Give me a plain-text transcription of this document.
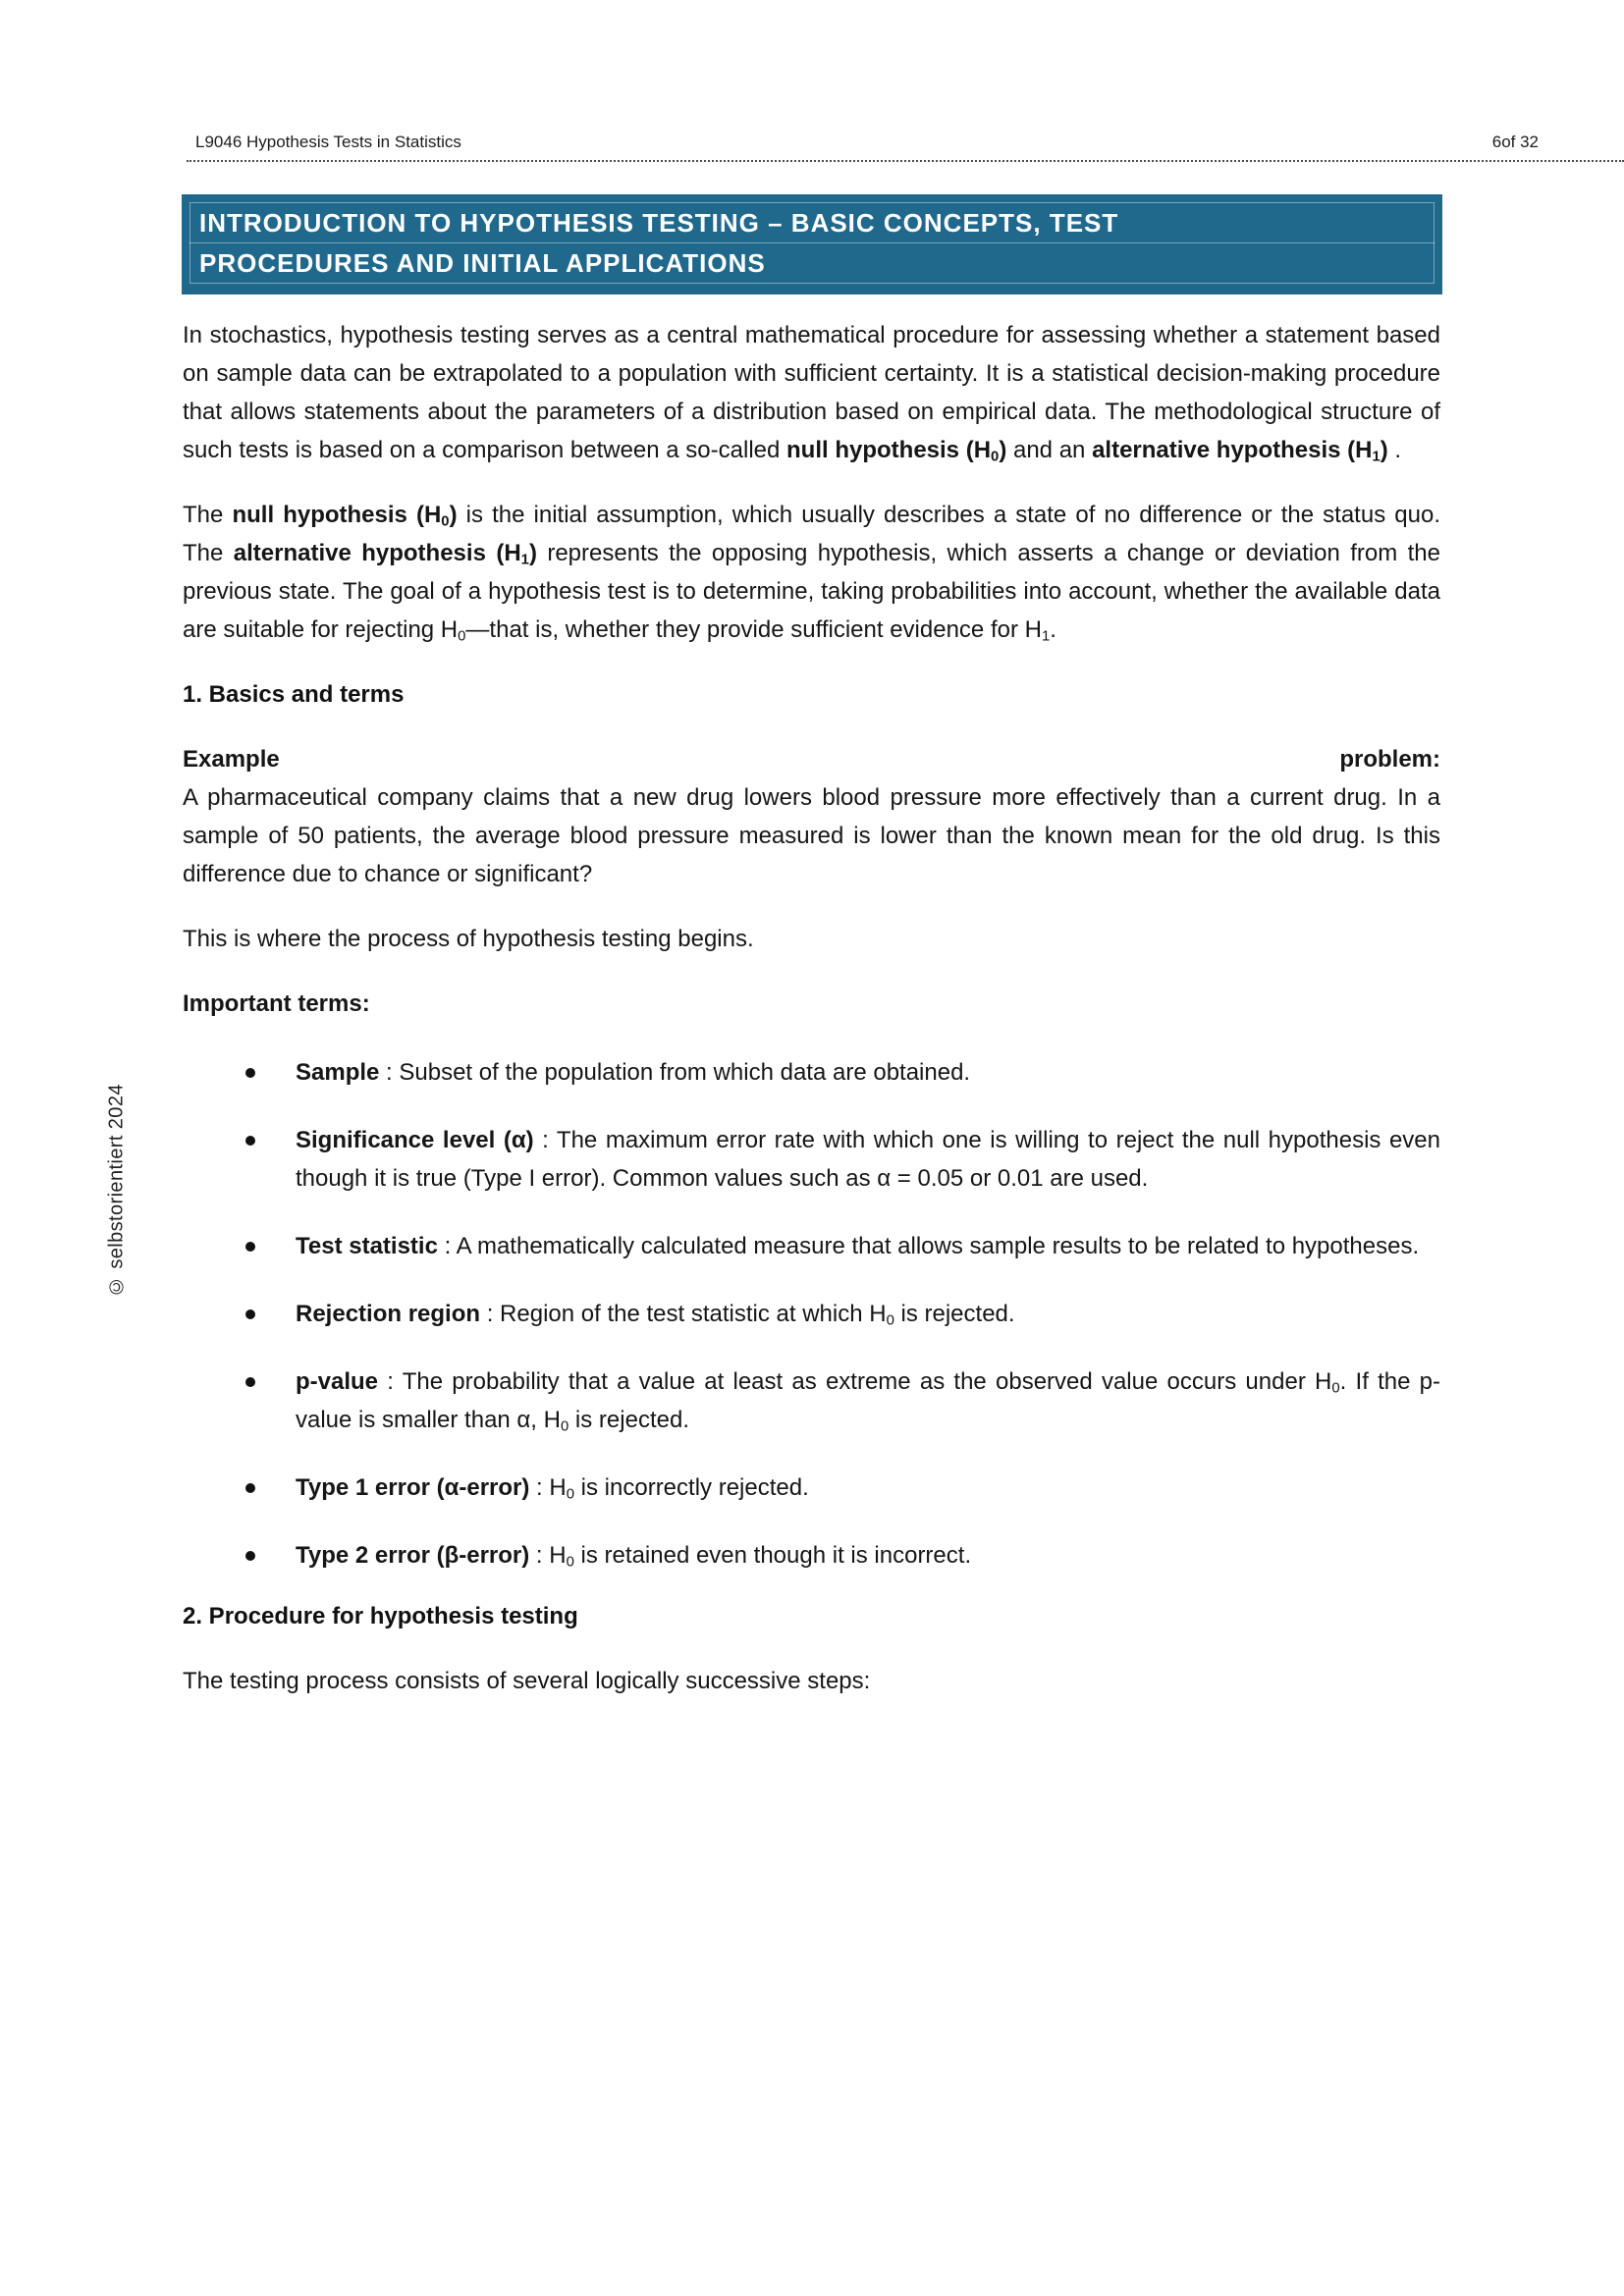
L9046 Hypothesis Tests in Statistics	6of 32
INTRODUCTION TO HYPOTHESIS TESTING – BASIC CONCEPTS, TEST
PROCEDURES AND INITIAL APPLICATIONS
© selbstorientiert 2024

In stochastics, hypothesis testing serves as a central mathematical procedure for assessing whether a statement based on sample data can be extrapolated to a population with sufficient certainty. It is a statistical decision-making procedure that allows statements about the parameters of a distribution based on empirical data. The methodological structure of such tests is based on a comparison between a so-called null hypothesis $(H_0)$ and an alternative hypothesis $(H_1)$ .

The null hypothesis $(H_0)$ is the initial assumption, which usually describes a state of no difference or the status quo. The alternative hypothesis $(H_1)$ represents the opposing hypothesis, which asserts a change or deviation from the previous state. The goal of a hypothesis test is to determine, taking probabilities into account, whether the available data are suitable for rejecting $H_0—that$ is, whether they provide sufficient evidence for $H_1$.

1. Basics and terms
Example	problem:

A pharmaceutical company claims that a new drug lowers blood pressure more effectively than a current drug. In a sample of 50 patients, the average blood pressure measured is lower than the known mean for the old drug. Is this difference due to chance or significant?

This is where the process of hypothesis testing begins.

Important terms:

Sample : Subset of the population from which data are obtained.
Significance level (α) : The maximum error rate with which one is willing to reject the null hypothesis even though it is true (Type I error). Common values such as α = 0.05 or 0.01 are used.
Test statistic : A mathematically calculated measure that allows sample results to be related to hypotheses.
Rejection region : Region of the test statistic at which $H_0$ is rejected.
p-value : The probability that a value at least as extreme as the observed value occurs under $H_0$. If the p-value is smaller than α, $H_0$ is rejected.
Type 1 error (α-error) : $H_0$ is incorrectly rejected.
Type 2 error (β-error) : $H_0$ is retained even though it is incorrect.
2. Procedure for hypothesis testing

The testing process consists of several logically successive steps:
